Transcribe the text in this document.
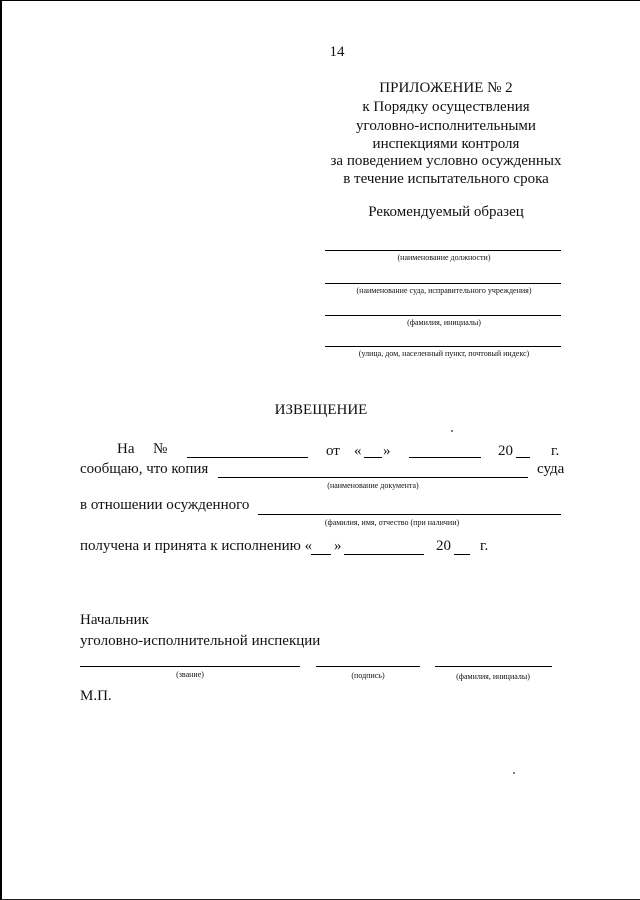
14
ПРИЛОЖЕНИЕ № 2
к Порядку осуществления
уголовно-исполнительными
инспекциями контроля
за поведением условно осужденных
в течение испытательного срока
Рекомендуемый образец
(наименование должности)
(наименование суда, исправительного учреждения)
(фамилия, инициалы)
(улица, дом, населенный пункт, почтовый индекс)
ИЗВЕЩЕНИЕ
На №	от « »	20	г.
сообщаю, что копия	суда
(наименование документа)
в отношении осужденного
(фамилия, имя, отчество (при наличии)
получена и принята к исполнению « »	20 г.
Начальник
уголовно-исполнительной инспекции
(звание)	(подпись)	(фамилия, инициалы)
М.П.
